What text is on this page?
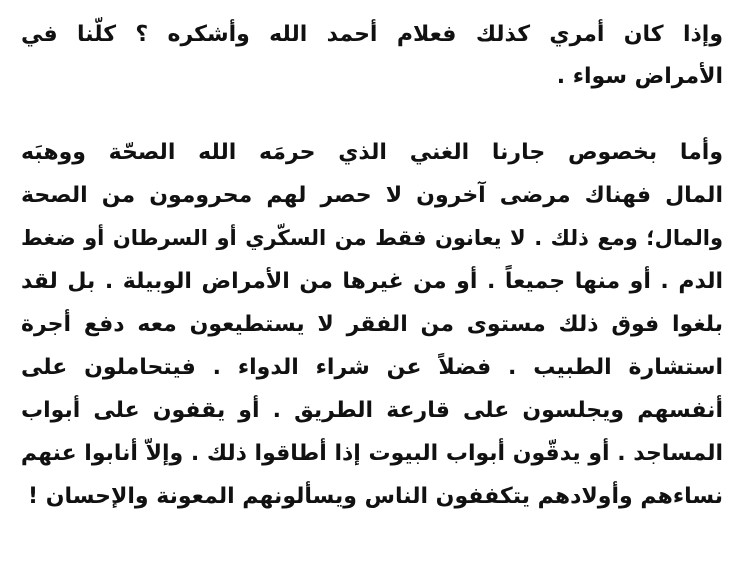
وإذا كان أمري كذلك فعلام أحمد الله وأشكره ؟ كلّنا في
الأمراض سواء .
وأما بخصوص جارنا الغني الذي حرمَه الله الصحّة ووهبَه
المال فهناك مرضى آخرون لا حصر لهم محرومون من الصحة
والمال؛ ومع ذلك . لا يعانون فقط من السكّري أو السرطان أو ضغط
الدم . أو منها جميعاً . أو من غيرها من الأمراض الوبيلة . بل لقد
بلغوا فوق ذلك مستوى من الفقر لا يستطيعون معه دفع أجرة
استشارة الطبيب . فضلاً عن شراء الدواء . فيتحاملون على
أنفسهم ويجلسون على قارعة الطريق . أو يقفون على أبواب
المساجد . أو يدقّون أبواب البيوت إذا أطاقوا ذلك . وإلاّ أنابوا عنهم
نساءهم وأولادهم يتكففون الناس ويسألونهم المعونة والإحسان !
